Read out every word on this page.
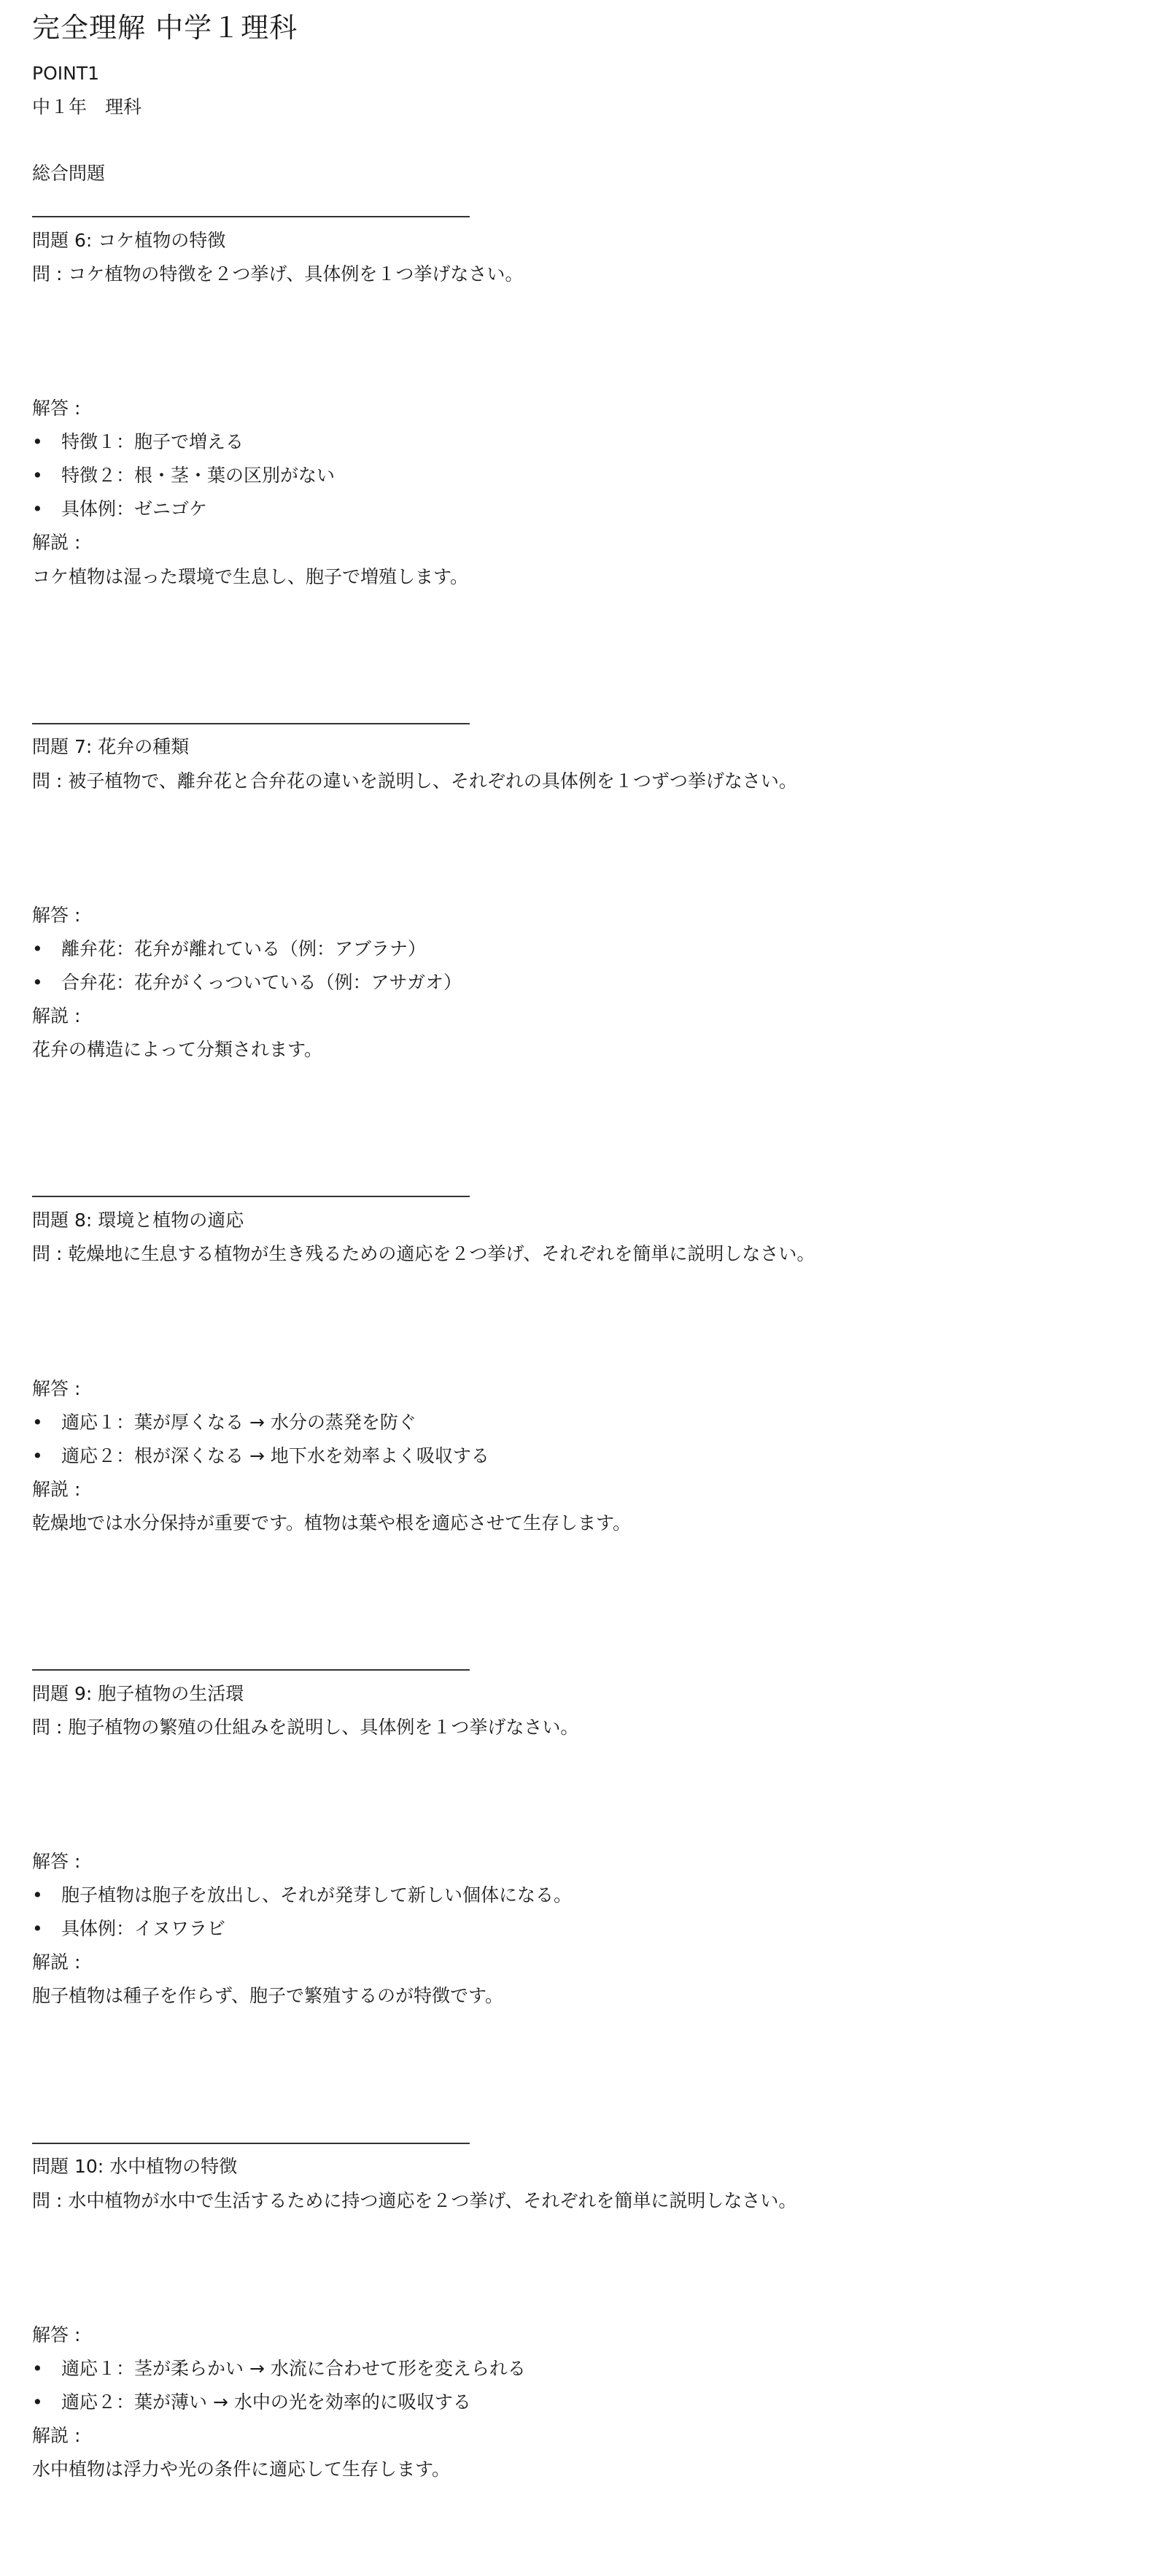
完全理解 中学１理科

POINT1

中１年　理科

総合問題

問題 6: コケ植物の特徴

問 : コケ植物の特徴を２つ挙げ、具体例を１つ挙げなさい。

解答 :

•	特徴１：胞子で増える
•	特徴２：根・茎・葉の区別がない
•	具体例：ゼニゴケ

解説 :

コケ植物は湿った環境で生息し、胞子で増殖します。

問題 7: 花弁の種類

問 : 被子植物で、離弁花と合弁花の違いを説明し、それぞれの具体例を１つずつ挙げなさい。

解答 :

•	離弁花：花弁が離れている（例：アブラナ）
•	合弁花：花弁がくっついている（例：アサガオ）

解説 :

花弁の構造によって分類されます。

問題 8: 環境と植物の適応

問 : 乾燥地に生息する植物が生き残るための適応を２つ挙げ、それぞれを簡単に説明しなさい。

解答 :

•	適応１：葉が厚くなる → 水分の蒸発を防ぐ
•	適応２：根が深くなる → 地下水を効率よく吸収する

解説 :

乾燥地では水分保持が重要です。植物は葉や根を適応させて生存します。

問題 9: 胞子植物の生活環

問 : 胞子植物の繁殖の仕組みを説明し、具体例を１つ挙げなさい。

解答 :

•	胞子植物は胞子を放出し、それが発芽して新しい個体になる。
•	具体例：イヌワラビ

解説 :

胞子植物は種子を作らず、胞子で繁殖するのが特徴です。

問題 10: 水中植物の特徴

問 : 水中植物が水中で生活するために持つ適応を２つ挙げ、それぞれを簡単に説明しなさい。

解答 :

•	適応１：茎が柔らかい → 水流に合わせて形を変えられる
•	適応２：葉が薄い → 水中の光を効率的に吸収する

解説 :

水中植物は浮力や光の条件に適応して生存します。
